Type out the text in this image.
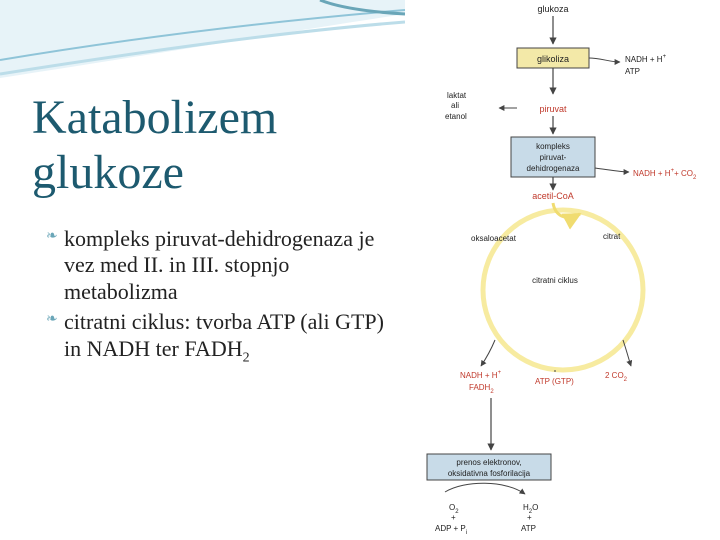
Katabolizem
glukoze
❧ kompleks piruvat-dehidrogenaza je vez med II. in III. stopnjo metabolizma
❧ citratni ciklus: tvorba ATP (ali GTP) in NADH ter $FADH_2$
glukoza
glikoliza	NADH + H+
ATP
laktat
ali
etanol
piruvat
kompleks
piruvat-
dehidrogenaza
NADH + $H^++ CO_2$
acetil-CoA
oksaloacetat	citrat
citratni ciklus
NADH + H+
$FADH_2$
ATP (GTP)
2 $CO_2$
prenos elektronov,
oksidativna fosforilacija
$O_2$
+
ADP + $P_i$
$H_2O$
+
ATP
